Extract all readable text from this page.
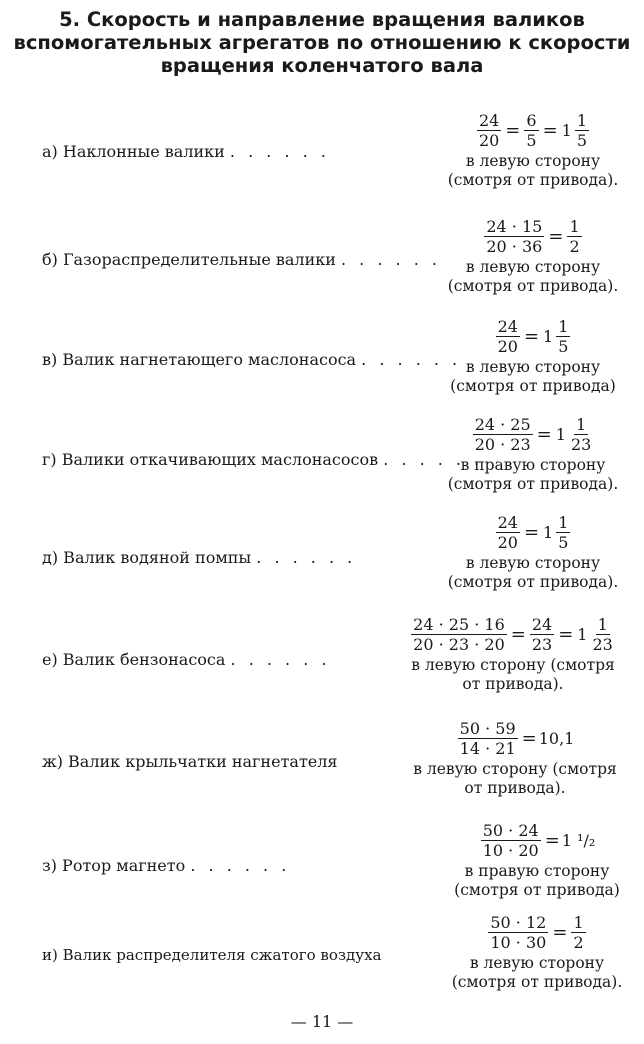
5. Скорость и направление вращения валиков
вспомогательных агрегатов по отношению к скорости
вращения коленчатого вала
а) Наклонные валики . . . . . .
$\frac{24}{20} = \frac{6}{5} = 1 \frac{1}{5}$
в левую сторону
(смотря от привода).
б) Газораспределительные валики . . . . . .
$\frac{24 \cdot 15}{20 \cdot 36} = \frac{1}{2}$
в левую сторону
(смотря от привода).
в) Валик нагнетающего маслонасоса . . . . . .
$\frac{24}{20} = 1 \frac{1}{5}$
в левую сторону
(смотря от привода)
г) Валики откачивающих маслонасосов . . . . . .
$\frac{24 \cdot 25}{20 \cdot 23} = 1 \frac{1}{23}$
в правую сторону
(смотря от привода).
д) Валик водяной помпы . . . . . .
$\frac{24}{20} = 1 \frac{1}{5}$
в левую сторону
(смотря от привода).
е) Валик бензонасоса . . . . . .
$\frac{24 \cdot 25 \cdot 16}{20 \cdot 23 \cdot 20} = \frac{24}{23} = 1 \frac{1}{23}$
в левую сторону (смотря
от привода).
ж) Валик крыльчатки нагнетателя
$\frac{50 \cdot 59}{14 \cdot 21} = 10,1$
в левую сторону (смотря
от привода).
з) Ротор магнето . . . . . .
$\frac{50 \cdot 24}{10 \cdot 20} = 1$ ¹/₂
в правую сторону
(смотря от привода)
и) Валик распределителя сжатого воздуха
$\frac{50 \cdot 12}{10 \cdot 30} = \frac{1}{2}$
в левую сторону
(смотря от привода).
— 11 —
